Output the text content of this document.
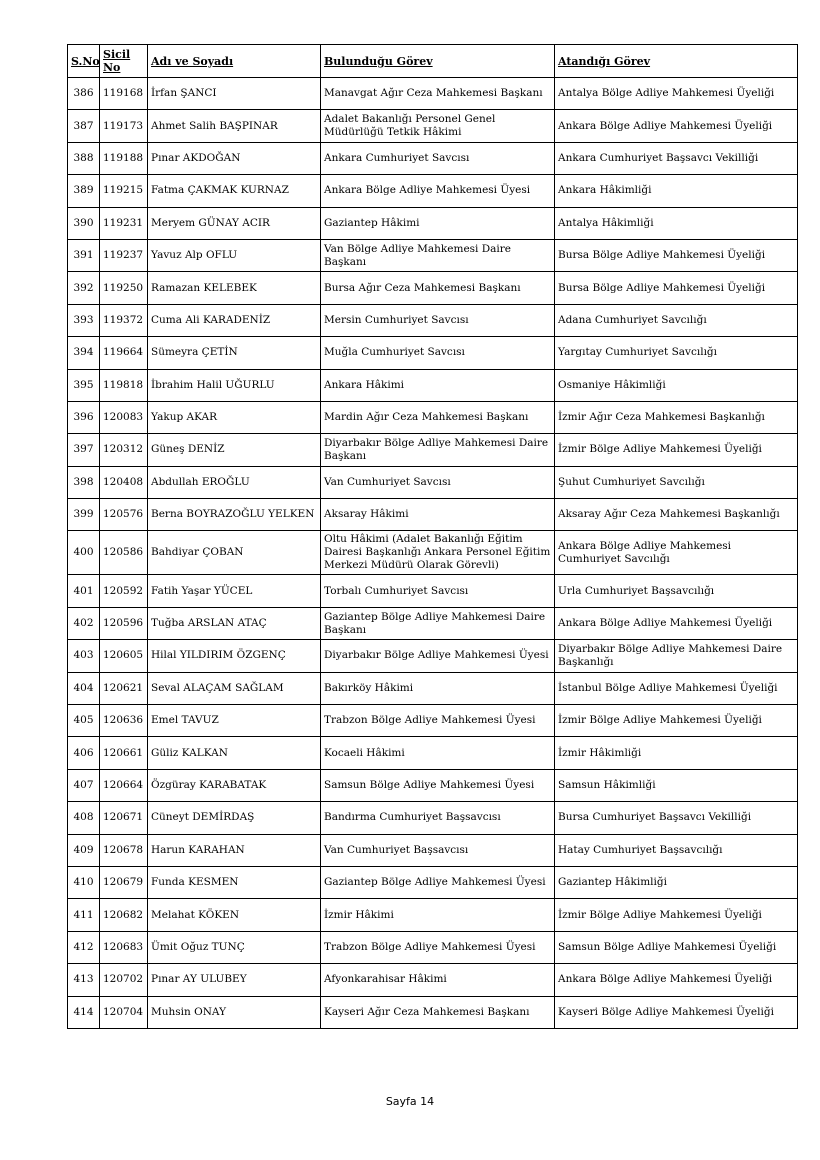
S.No	Sicil No	Adı ve Soyadı	Bulunduğu Görev	Atandığı Görev
386	119168	İrfan ŞANCI	Manavgat Ağır Ceza Mahkemesi Başkanı	Antalya Bölge Adliye Mahkemesi Üyeliği
387	119173	Ahmet Salih BAŞPINAR	Adalet Bakanlığı Personel Genel Müdürlüğü Tetkik Hâkimi	Ankara Bölge Adliye Mahkemesi Üyeliği
388	119188	Pınar AKDOĞAN	Ankara Cumhuriyet Savcısı	Ankara Cumhuriyet Başsavcı Vekilliği
389	119215	Fatma ÇAKMAK KURNAZ	Ankara Bölge Adliye Mahkemesi Üyesi	Ankara Hâkimliği
390	119231	Meryem GÜNAY ACIR	Gaziantep Hâkimi	Antalya Hâkimliği
391	119237	Yavuz Alp OFLU	Van Bölge Adliye Mahkemesi Daire Başkanı	Bursa Bölge Adliye Mahkemesi Üyeliği
392	119250	Ramazan KELEBEK	Bursa Ağır Ceza Mahkemesi Başkanı	Bursa Bölge Adliye Mahkemesi Üyeliği
393	119372	Cuma Ali KARADENİZ	Mersin Cumhuriyet Savcısı	Adana Cumhuriyet Savcılığı
394	119664	Sümeyra ÇETİN	Muğla Cumhuriyet Savcısı	Yargıtay Cumhuriyet Savcılığı
395	119818	İbrahim Halil UĞURLU	Ankara Hâkimi	Osmaniye Hâkimliği
396	120083	Yakup AKAR	Mardin Ağır Ceza Mahkemesi Başkanı	İzmir Ağır Ceza Mahkemesi Başkanlığı
397	120312	Güneş DENİZ	Diyarbakır Bölge Adliye Mahkemesi Daire Başkanı	İzmir Bölge Adliye Mahkemesi Üyeliği
398	120408	Abdullah EROĞLU	Van Cumhuriyet Savcısı	Şuhut Cumhuriyet Savcılığı
399	120576	Berna BOYRAZOĞLU YELKEN	Aksaray Hâkimi	Aksaray Ağır Ceza Mahkemesi Başkanlığı
400	120586	Bahdiyar ÇOBAN	Oltu Hâkimi (Adalet Bakanlığı Eğitim Dairesi Başkanlığı Ankara Personel Eğitim Merkezi Müdürü Olarak Görevli)	Ankara Bölge Adliye Mahkemesi Cumhuriyet Savcılığı
401	120592	Fatih Yaşar YÜCEL	Torbalı Cumhuriyet Savcısı	Urla Cumhuriyet Başsavcılığı
402	120596	Tuğba ARSLAN ATAÇ	Gaziantep Bölge Adliye Mahkemesi Daire Başkanı	Ankara Bölge Adliye Mahkemesi Üyeliği
403	120605	Hilal YILDIRIM ÖZGENÇ	Diyarbakır Bölge Adliye Mahkemesi Üyesi	Diyarbakır Bölge Adliye Mahkemesi Daire Başkanlığı
404	120621	Seval ALAÇAM SAĞLAM	Bakırköy Hâkimi	İstanbul Bölge Adliye Mahkemesi Üyeliği
405	120636	Emel TAVUZ	Trabzon Bölge Adliye Mahkemesi Üyesi	İzmir Bölge Adliye Mahkemesi Üyeliği
406	120661	Güliz KALKAN	Kocaeli Hâkimi	İzmir Hâkimliği
407	120664	Özgüray KARABATAK	Samsun Bölge Adliye Mahkemesi Üyesi	Samsun Hâkimliği
408	120671	Cüneyt DEMİRDAŞ	Bandırma Cumhuriyet Başsavcısı	Bursa Cumhuriyet Başsavcı Vekilliği
409	120678	Harun KARAHAN	Van Cumhuriyet Başsavcısı	Hatay Cumhuriyet Başsavcılığı
410	120679	Funda KESMEN	Gaziantep Bölge Adliye Mahkemesi Üyesi	Gaziantep Hâkimliği
411	120682	Melahat KÖKEN	İzmir Hâkimi	İzmir Bölge Adliye Mahkemesi Üyeliği
412	120683	Ümit Oğuz TUNÇ	Trabzon Bölge Adliye Mahkemesi Üyesi	Samsun Bölge Adliye Mahkemesi Üyeliği
413	120702	Pınar AY ULUBEY	Afyonkarahisar Hâkimi	Ankara Bölge Adliye Mahkemesi Üyeliği
414	120704	Muhsin ONAY	Kayseri Ağır Ceza Mahkemesi Başkanı	Kayseri Bölge Adliye Mahkemesi Üyeliği
Sayfa 14
